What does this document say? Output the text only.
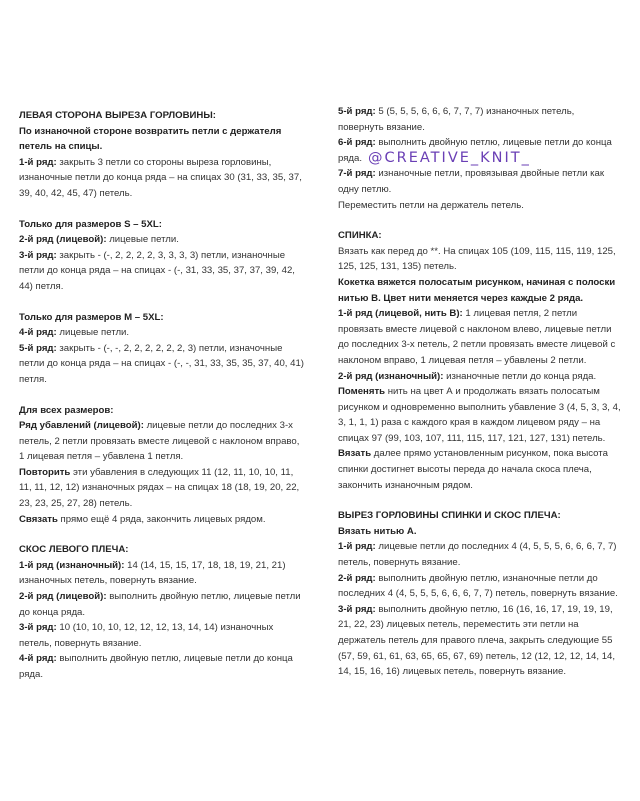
ЛЕВАЯ СТОРОНА ВЫРЕЗА ГОРЛОВИНЫ:

По изнаночной стороне возвратить петли с держателя петель на спицы.

1-й ряд: закрыть 3 петли со стороны выреза горловины, изнаночные петли до конца ряда – на спицах 30 (31, 33, 35, 37, 39, 40, 42, 45, 47) петель.

Только для размеров S – 5XL:

2-й ряд (лицевой): лицевые петли.

3-й ряд: закрыть - (-, 2, 2, 2, 2, 3, 3, 3, 3) петли, изнаночные петли до конца ряда – на спицах - (-, 31, 33, 35, 37, 37, 39, 42, 44) петля.

Только для размеров M – 5XL:

4-й ряд: лицевые петли.

5-й ряд: закрыть - (-, -, 2, 2, 2, 2, 2, 2, 3) петли, изначочные петли до конца ряда – на спицах - (-, -, 31, 33, 35, 35, 37, 40, 41) петля.

Для всех размеров:

Ряд убавлений (лицевой): лицевые петли до последних 3-х петель, 2 петли провязать вместе лицевой с наклоном вправо, 1 лицевая петля – убавлена 1 петля.

Повторить эти убавления в следующих 11 (12, 11, 10, 10, 11, 11, 11, 12, 12) изнаночных рядах – на спицах 18 (18, 19, 20, 22, 23, 23, 25, 27, 28) петель.

Связать прямо ещё 4 ряда, закончить лицевых рядом.

СКОС ЛЕВОГО ПЛЕЧА:

1-й ряд (изнаночный): 14 (14, 15, 15, 17, 18, 18, 19, 21, 21) изнаночных петель, повернуть вязание.

2-й ряд (лицевой): выполнить двойную петлю, лицевые петли до конца ряда.

3-й ряд: 10 (10, 10, 10, 12, 12, 12, 13, 14, 14) изнаночных петель, повернуть вязание.

4-й ряд: выполнить двойную петлю, лицевые петли до конца ряда.

5-й ряд: 5 (5, 5, 5, 6, 6, 6, 7, 7, 7) изнаночных петель, повернуть вязание.

6-й ряд: выполнить двойную петлю, лицевые петли до конца ряда. @CREATIVE_KNIT_

7-й ряд: изнаночные петли, провязывая двойные петли как одну петлю.

Переместить петли на держатель петель.

СПИНКА:

Вязать как перед до **. На спицах 105 (109, 115, 115, 119, 125, 125, 125, 131, 135) петель.

Кокетка вяжется полосатым рисунком, начиная с полоски нитью В. Цвет нити меняется через каждые 2 ряда.

1-й ряд (лицевой, нить В): 1 лицевая петля, 2 петли провязать вместе лицевой с наклоном влево, лицевые петли до последних 3-х петель, 2 петли провязать вместе лицевой с наклоном вправо, 1 лицевая петля – убавлены 2 петли.

2-й ряд (изнаночный): изнаночные петли до конца ряда.

Поменять нить на цвет А и продолжать вязать полосатым рисунком и одновременно выполнить убавление 3 (4, 5, 3, 3, 4, 3, 1, 1, 1) раза с каждого края в каждом лицевом ряду – на спицах 97 (99, 103, 107, 111, 115, 117, 121, 127, 131) петель.

Вязать далее прямо установленным рисунком, пока высота спинки достигнет высоты переда до начала скоса плеча, закончить изнаночным рядом.

ВЫРЕЗ ГОРЛОВИНЫ СПИНКИ И СКОС ПЛЕЧА:

Вязать нитью А.

1-й ряд: лицевые петли до последних 4 (4, 5, 5, 5, 6, 6, 6, 7, 7) петель, повернуть вязание.

2-й ряд: выполнить двойную петлю, изнаночные петли до последних 4 (4, 5, 5, 5, 6, 6, 6, 7, 7) петель, повернуть вязание.

3-й ряд: выполнить двойную петлю, 16 (16, 16, 17, 19, 19, 19, 21, 22, 23) лицевых петель, переместить эти петли на держатель петель для правого плеча, закрыть следующие 55 (57, 59, 61, 61, 63, 65, 65, 67, 69) петель, 12 (12, 12, 12, 14, 14, 14, 15, 16, 16) лицевых петель, повернуть вязание.
